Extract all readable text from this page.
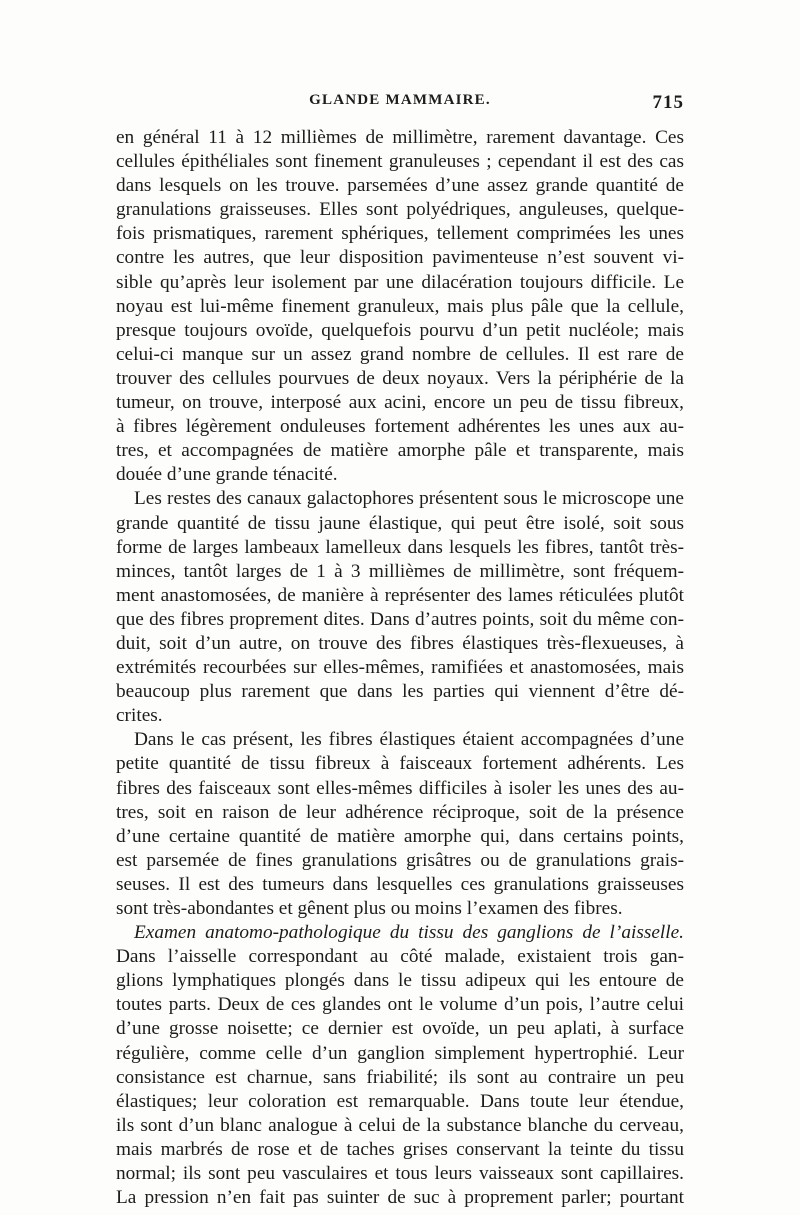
GLANDE MAMMAIRE.	715
en général 11 à 12 millièmes de millimètre, rarement davantage. Ces
cellules épithéliales sont finement granuleuses ; cependant il est des cas
dans lesquels on les trouve. parsemées d’une assez grande quantité de
granulations graisseuses. Elles sont polyédriques, anguleuses, quelque-
fois prismatiques, rarement sphériques, tellement comprimées les unes
contre les autres, que leur disposition pavimenteuse n’est souvent vi-
sible qu’après leur isolement par une dilacération toujours difficile. Le
noyau est lui-même finement granuleux, mais plus pâle que la cellule,
presque toujours ovoïde, quelquefois pourvu d’un petit nucléole; mais
celui-ci manque sur un assez grand nombre de cellules. Il est rare de
trouver des cellules pourvues de deux noyaux. Vers la périphérie de la
tumeur, on trouve, interposé aux acini, encore un peu de tissu fibreux,
à fibres légèrement onduleuses fortement adhérentes les unes aux au-
tres, et accompagnées de matière amorphe pâle et transparente, mais
douée d’une grande ténacité.
Les restes des canaux galactophores présentent sous le microscope une
grande quantité de tissu jaune élastique, qui peut être isolé, soit sous
forme de larges lambeaux lamelleux dans lesquels les fibres, tantôt très-
minces, tantôt larges de 1 à 3 millièmes de millimètre, sont fréquem-
ment anastomosées, de manière à représenter des lames réticulées plutôt
que des fibres proprement dites. Dans d’autres points, soit du même con-
duit, soit d’un autre, on trouve des fibres élastiques très-flexueuses, à
extrémités recourbées sur elles-mêmes, ramifiées et anastomosées, mais
beaucoup plus rarement que dans les parties qui viennent d’être dé-
crites.
Dans le cas présent, les fibres élastiques étaient accompagnées d’une
petite quantité de tissu fibreux à faisceaux fortement adhérents. Les
fibres des faisceaux sont elles-mêmes difficiles à isoler les unes des au-
tres, soit en raison de leur adhérence réciproque, soit de la présence
d’une certaine quantité de matière amorphe qui, dans certains points,
est parsemée de fines granulations grisâtres ou de granulations grais-
seuses. Il est des tumeurs dans lesquelles ces granulations graisseuses
sont très-abondantes et gênent plus ou moins l’examen des fibres.
Examen anatomo-pathologique du tissu des ganglions de l’aisselle.
Dans l’aisselle correspondant au côté malade, existaient trois gan-
glions lymphatiques plongés dans le tissu adipeux qui les entoure de
toutes parts. Deux de ces glandes ont le volume d’un pois, l’autre celui
d’une grosse noisette; ce dernier est ovoïde, un peu aplati, à surface
régulière, comme celle d’un ganglion simplement hypertrophié. Leur
consistance est charnue, sans friabilité; ils sont au contraire un peu
élastiques; leur coloration est remarquable. Dans toute leur étendue,
ils sont d’un blanc analogue à celui de la substance blanche du cerveau,
mais marbrés de rose et de taches grises conservant la teinte du tissu
normal; ils sont peu vasculaires et tous leurs vaisseaux sont capillaires.
La pression n’en fait pas suinter de suc à proprement parler; pourtant
